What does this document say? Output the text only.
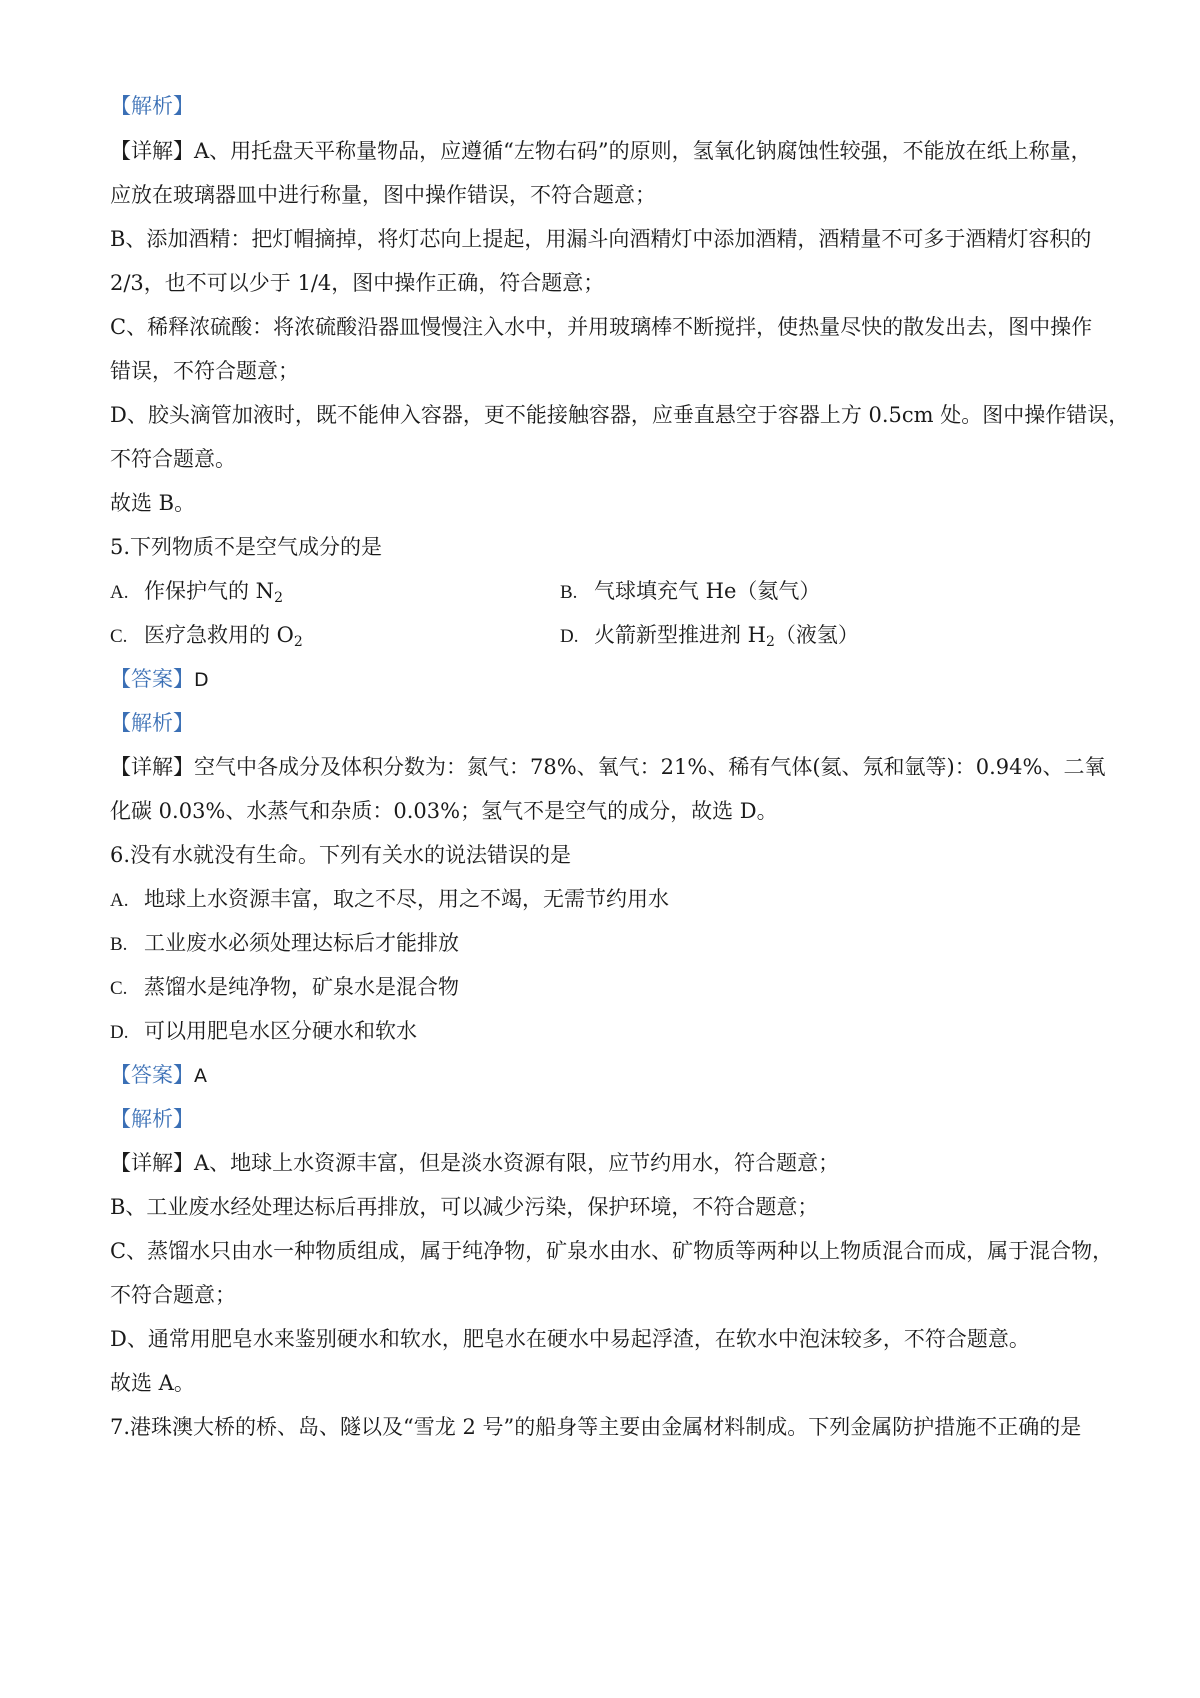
【解析】
【详解】A、用托盘天平称量物品，应遵循“左物右码”的原则，氢氧化钠腐蚀性较强，不能放在纸上称量，
应放在玻璃器皿中进行称量，图中操作错误，不符合题意；
B、添加酒精：把灯帽摘掉，将灯芯向上提起，用漏斗向酒精灯中添加酒精，酒精量不可多于酒精灯容积的
2/3，也不可以少于 1/4，图中操作正确，符合题意；
C、稀释浓硫酸：将浓硫酸沿器皿慢慢注入水中，并用玻璃棒不断搅拌，使热量尽快的散发出去，图中操作
错误，不符合题意；
D、胶头滴管加液时，既不能伸入容器，更不能接触容器，应垂直悬空于容器上方 0.5cm 处。图中操作错误，
不符合题意。
故选 B。
5.下列物质不是空气成分的是
A. 作保护气的 $N_2$	B. 气球填充气 He（氦气）
C. 医疗急救用的 $O_2$	D. 火箭新型推进剂 $H_2$（液氢）
【答案】D
【解析】
【详解】空气中各成分及体积分数为：氮气：78%、氧气：21%、稀有气体(氦、氖和氩等)：0.94%、二氧
化碳 0.03%、水蒸气和杂质：0.03%；氢气不是空气的成分，故选 D。
6.没有水就没有生命。下列有关水的说法错误的是
A. 地球上水资源丰富，取之不尽，用之不竭，无需节约用水
B. 工业废水必须处理达标后才能排放
C. 蒸馏水是纯净物，矿泉水是混合物
D. 可以用肥皂水区分硬水和软水
【答案】A
【解析】
【详解】A、地球上水资源丰富，但是淡水资源有限，应节约用水，符合题意；
B、工业废水经处理达标后再排放，可以减少污染，保护环境，不符合题意；
C、蒸馏水只由水一种物质组成，属于纯净物，矿泉水由水、矿物质等两种以上物质混合而成，属于混合物，
不符合题意；
D、通常用肥皂水来鉴别硬水和软水，肥皂水在硬水中易起浮渣，在软水中泡沫较多，不符合题意。
故选 A。
7.港珠澳大桥的桥、岛、隧以及“雪龙 2 号”的船身等主要由金属材料制成。下列金属防护措施不正确的是
